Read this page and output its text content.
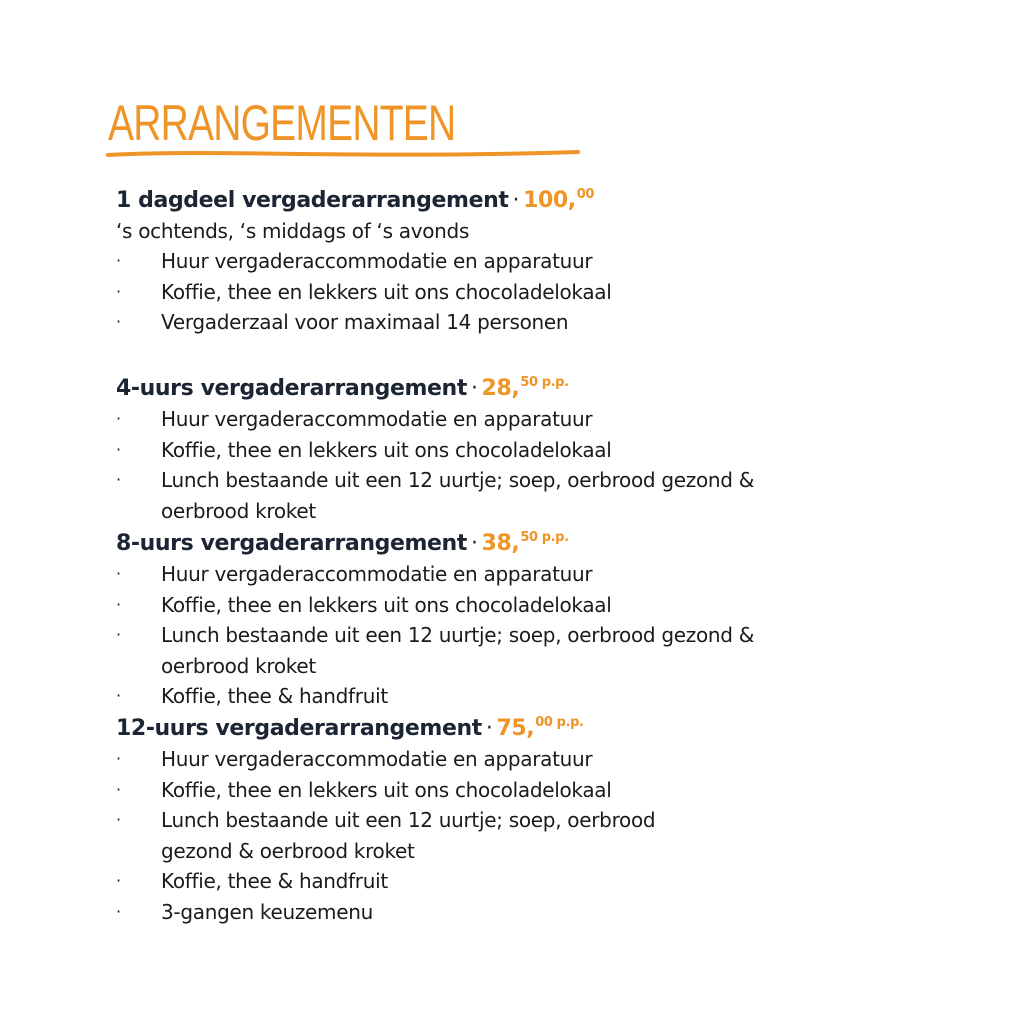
ARRANGEMENTEN
1 dagdeel vergaderarrangement · 100,00
‘s ochtends, ‘s middags of ‘s avonds
· Huur vergaderaccommodatie en apparatuur
· Koffie, thee en lekkers uit ons chocoladelokaal
· Vergaderzaal voor maximaal 14 personen
4-uurs vergaderarrangement · 28,$^{50 p.p.}$
· Huur vergaderaccommodatie en apparatuur
· Koffie, thee en lekkers uit ons chocoladelokaal
· Lunch bestaande uit een 12 uurtje; soep, oerbrood gezond &
oerbrood kroket
8-uurs vergaderarrangement · 38,$^{50 p.p.}$
· Huur vergaderaccommodatie en apparatuur
· Koffie, thee en lekkers uit ons chocoladelokaal
· Lunch bestaande uit een 12 uurtje; soep, oerbrood gezond &
oerbrood kroket
· Koffie, thee & handfruit
12-uurs vergaderarrangement · 75,$^{00 p.p.}$
· Huur vergaderaccommodatie en apparatuur
· Koffie, thee en lekkers uit ons chocoladelokaal
· Lunch bestaande uit een 12 uurtje; soep, oerbrood
gezond & oerbrood kroket
· Koffie, thee & handfruit
· 3-gangen keuzemenu
